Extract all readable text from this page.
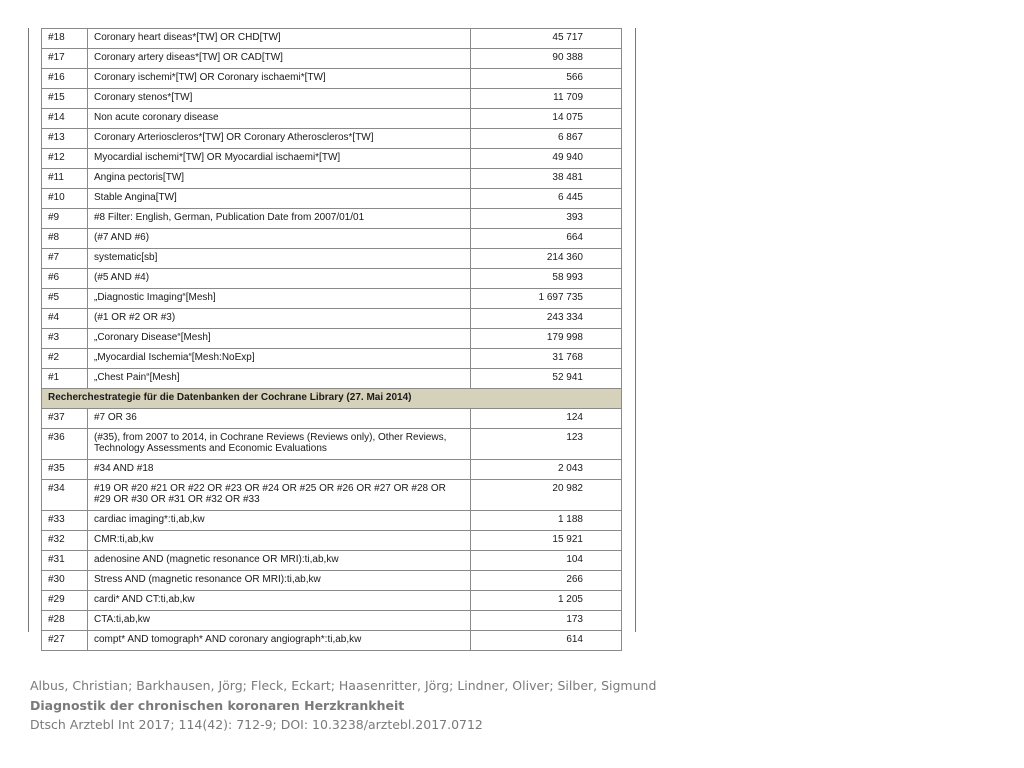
#18	Coronary heart diseas*[TW] OR CHD[TW]	45 717
#17	Coronary artery diseas*[TW] OR CAD[TW]	90 388
#16	Coronary ischemi*[TW] OR Coronary ischaemi*[TW]	566
#15	Coronary stenos*[TW]	11 709
#14	Non acute coronary disease	14 075
#13	Coronary Arterioscleros*[TW] OR Coronary Atheroscleros*[TW]	6 867
#12	Myocardial ischemi*[TW] OR Myocardial ischaemi*[TW]	49 940
#11	Angina pectoris[TW]	38 481
#10	Stable Angina[TW]	6 445
#9	#8 Filter: English, German, Publication Date from 2007/01/01	393
#8	(#7 AND #6)	664
#7	systematic[sb]	214 360
#6	(#5 AND #4)	58 993
#5	„Diagnostic Imaging“[Mesh]	1 697 735
#4	(#1 OR #2 OR #3)	243 334
#3	„Coronary Disease“[Mesh]	179 998
#2	„Myocardial Ischemia“[Mesh:NoExp]	31 768
#1	„Chest Pain“[Mesh]	52 941
Recherchestrategie für die Datenbanken der Cochrane Library (27. Mai 2014)		
#37	#7 OR 36	124
#36	(#35), from 2007 to 2014, in Cochrane Reviews (Reviews only), Other Reviews, Technology Assessments and Economic Evaluations	123
#35	#34 AND #18	2 043
#34	#19 OR #20 #21 OR #22 OR #23 OR #24 OR #25 OR #26 OR #27 OR #28 OR #29 OR #30 OR #31 OR #32 OR #33	20 982
#33	cardiac imaging*:ti,ab,kw	1 188
#32	CMR:ti,ab,kw	15 921
#31	adenosine AND (magnetic resonance OR MRI):ti,ab,kw	104
#30	Stress AND (magnetic resonance OR MRI):ti,ab,kw	266
#29	cardi* AND CT:ti,ab,kw	1 205
#28	CTA:ti,ab,kw	173
#27	compt* AND tomograph* AND coronary angiograph*:ti,ab,kw	614
Albus, Christian; Barkhausen, Jörg; Fleck, Eckart; Haasenritter, Jörg; Lindner, Oliver; Silber, Sigmund
Diagnostik der chronischen koronaren Herzkrankheit
Dtsch Arztebl Int 2017; 114(42): 712-9; DOI: 10.3238/arztebl.2017.0712
